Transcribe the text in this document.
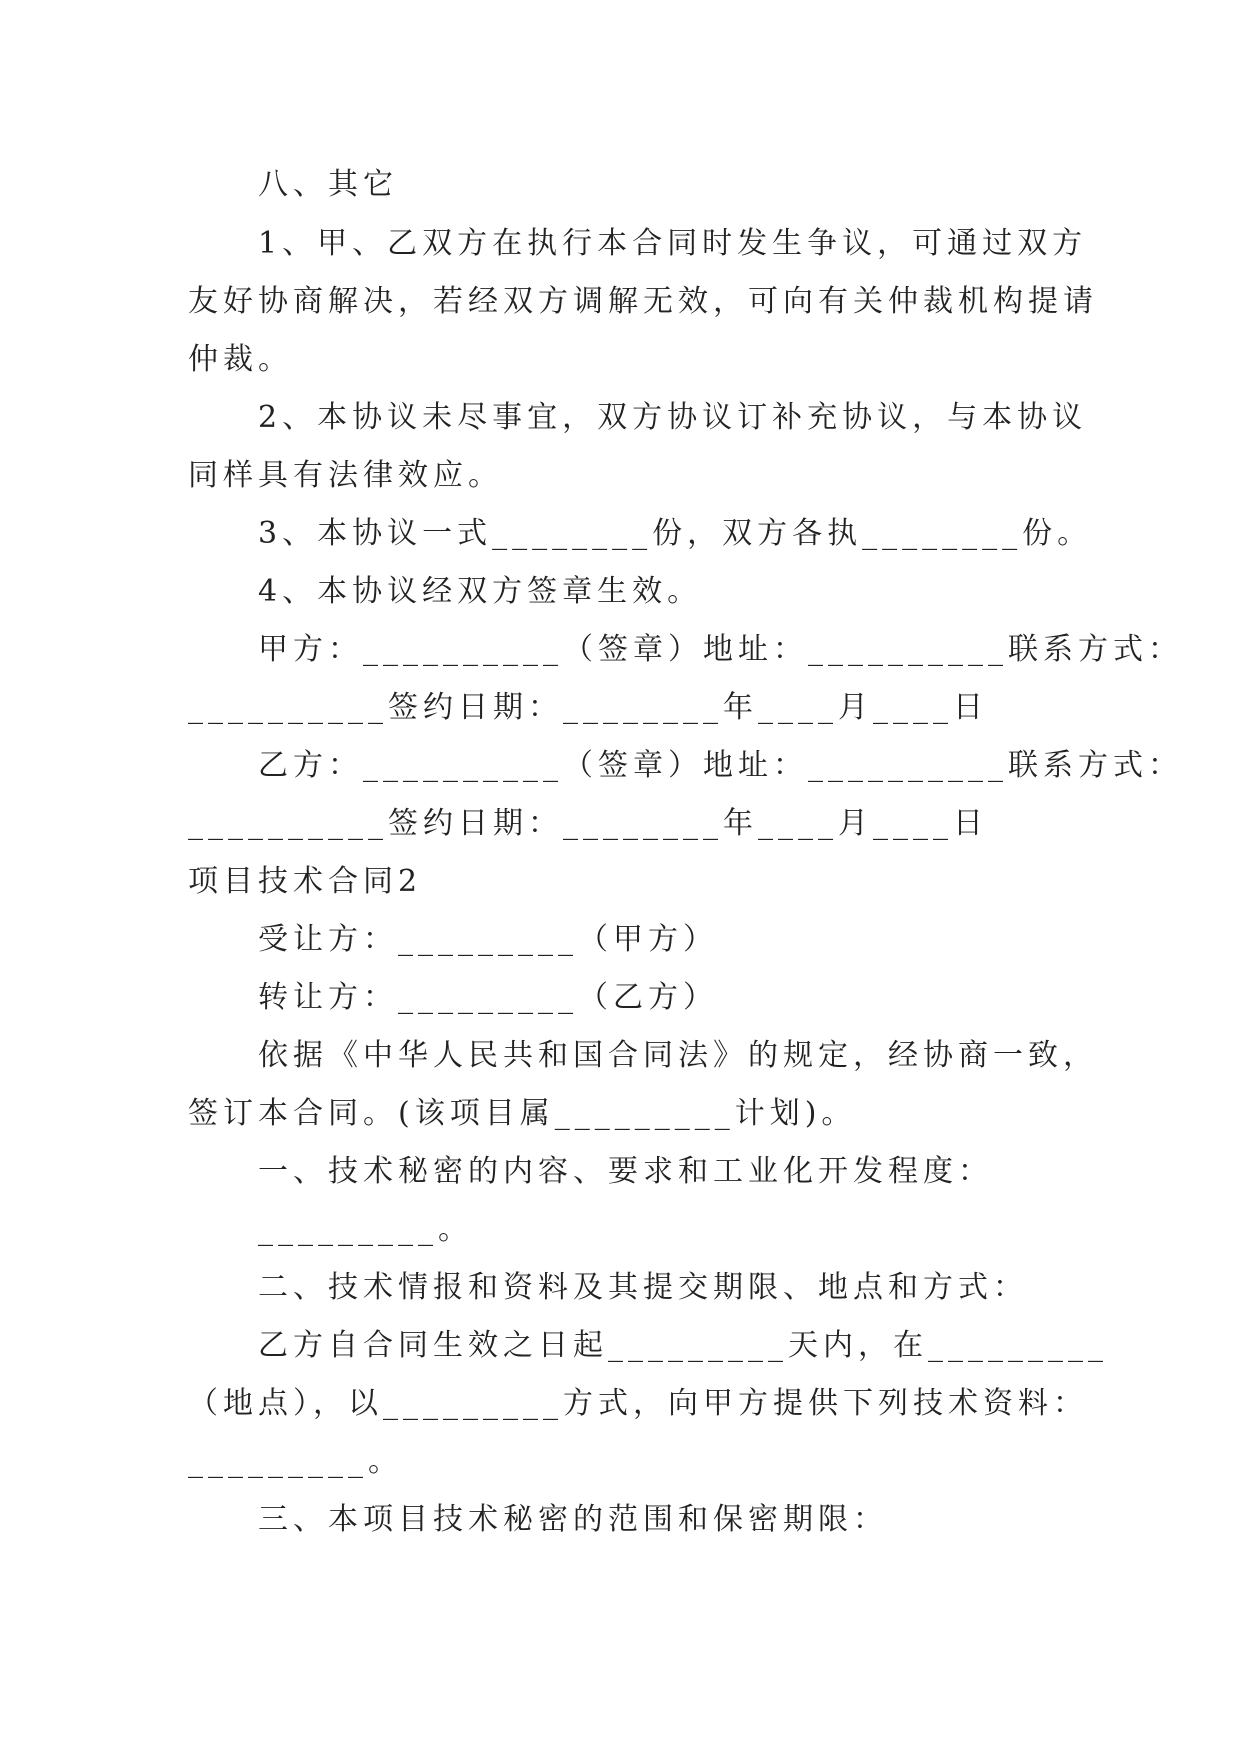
八、其它
1、甲、乙双方在执行本合同时发生争议，可通过双方
友好协商解决，若经双方调解无效，可向有关仲裁机构提请
仲裁。
2、本协议未尽事宜，双方协议订补充协议，与本协议
同样具有法律效应。
3、本协议一式________份，双方各执________份。
4、本协议经双方签章生效。
甲方：__________（签章）地址：__________联系方式：
__________签约日期：________年____月____日
乙方：__________（签章）地址：__________联系方式：
__________签约日期：________年____月____日
项目技术合同2
受让方：_________（甲方）
转让方：_________（乙方）
依据《中华人民共和国合同法》的规定，经协商一致，
签订本合同。(该项目属_________计划)。
一、技术秘密的内容、要求和工业化开发程度：
_________。
二、技术情报和资料及其提交期限、地点和方式：
乙方自合同生效之日起_________天内，在_________
（地点），以_________方式，向甲方提供下列技术资料：
_________。
三、本项目技术秘密的范围和保密期限：
